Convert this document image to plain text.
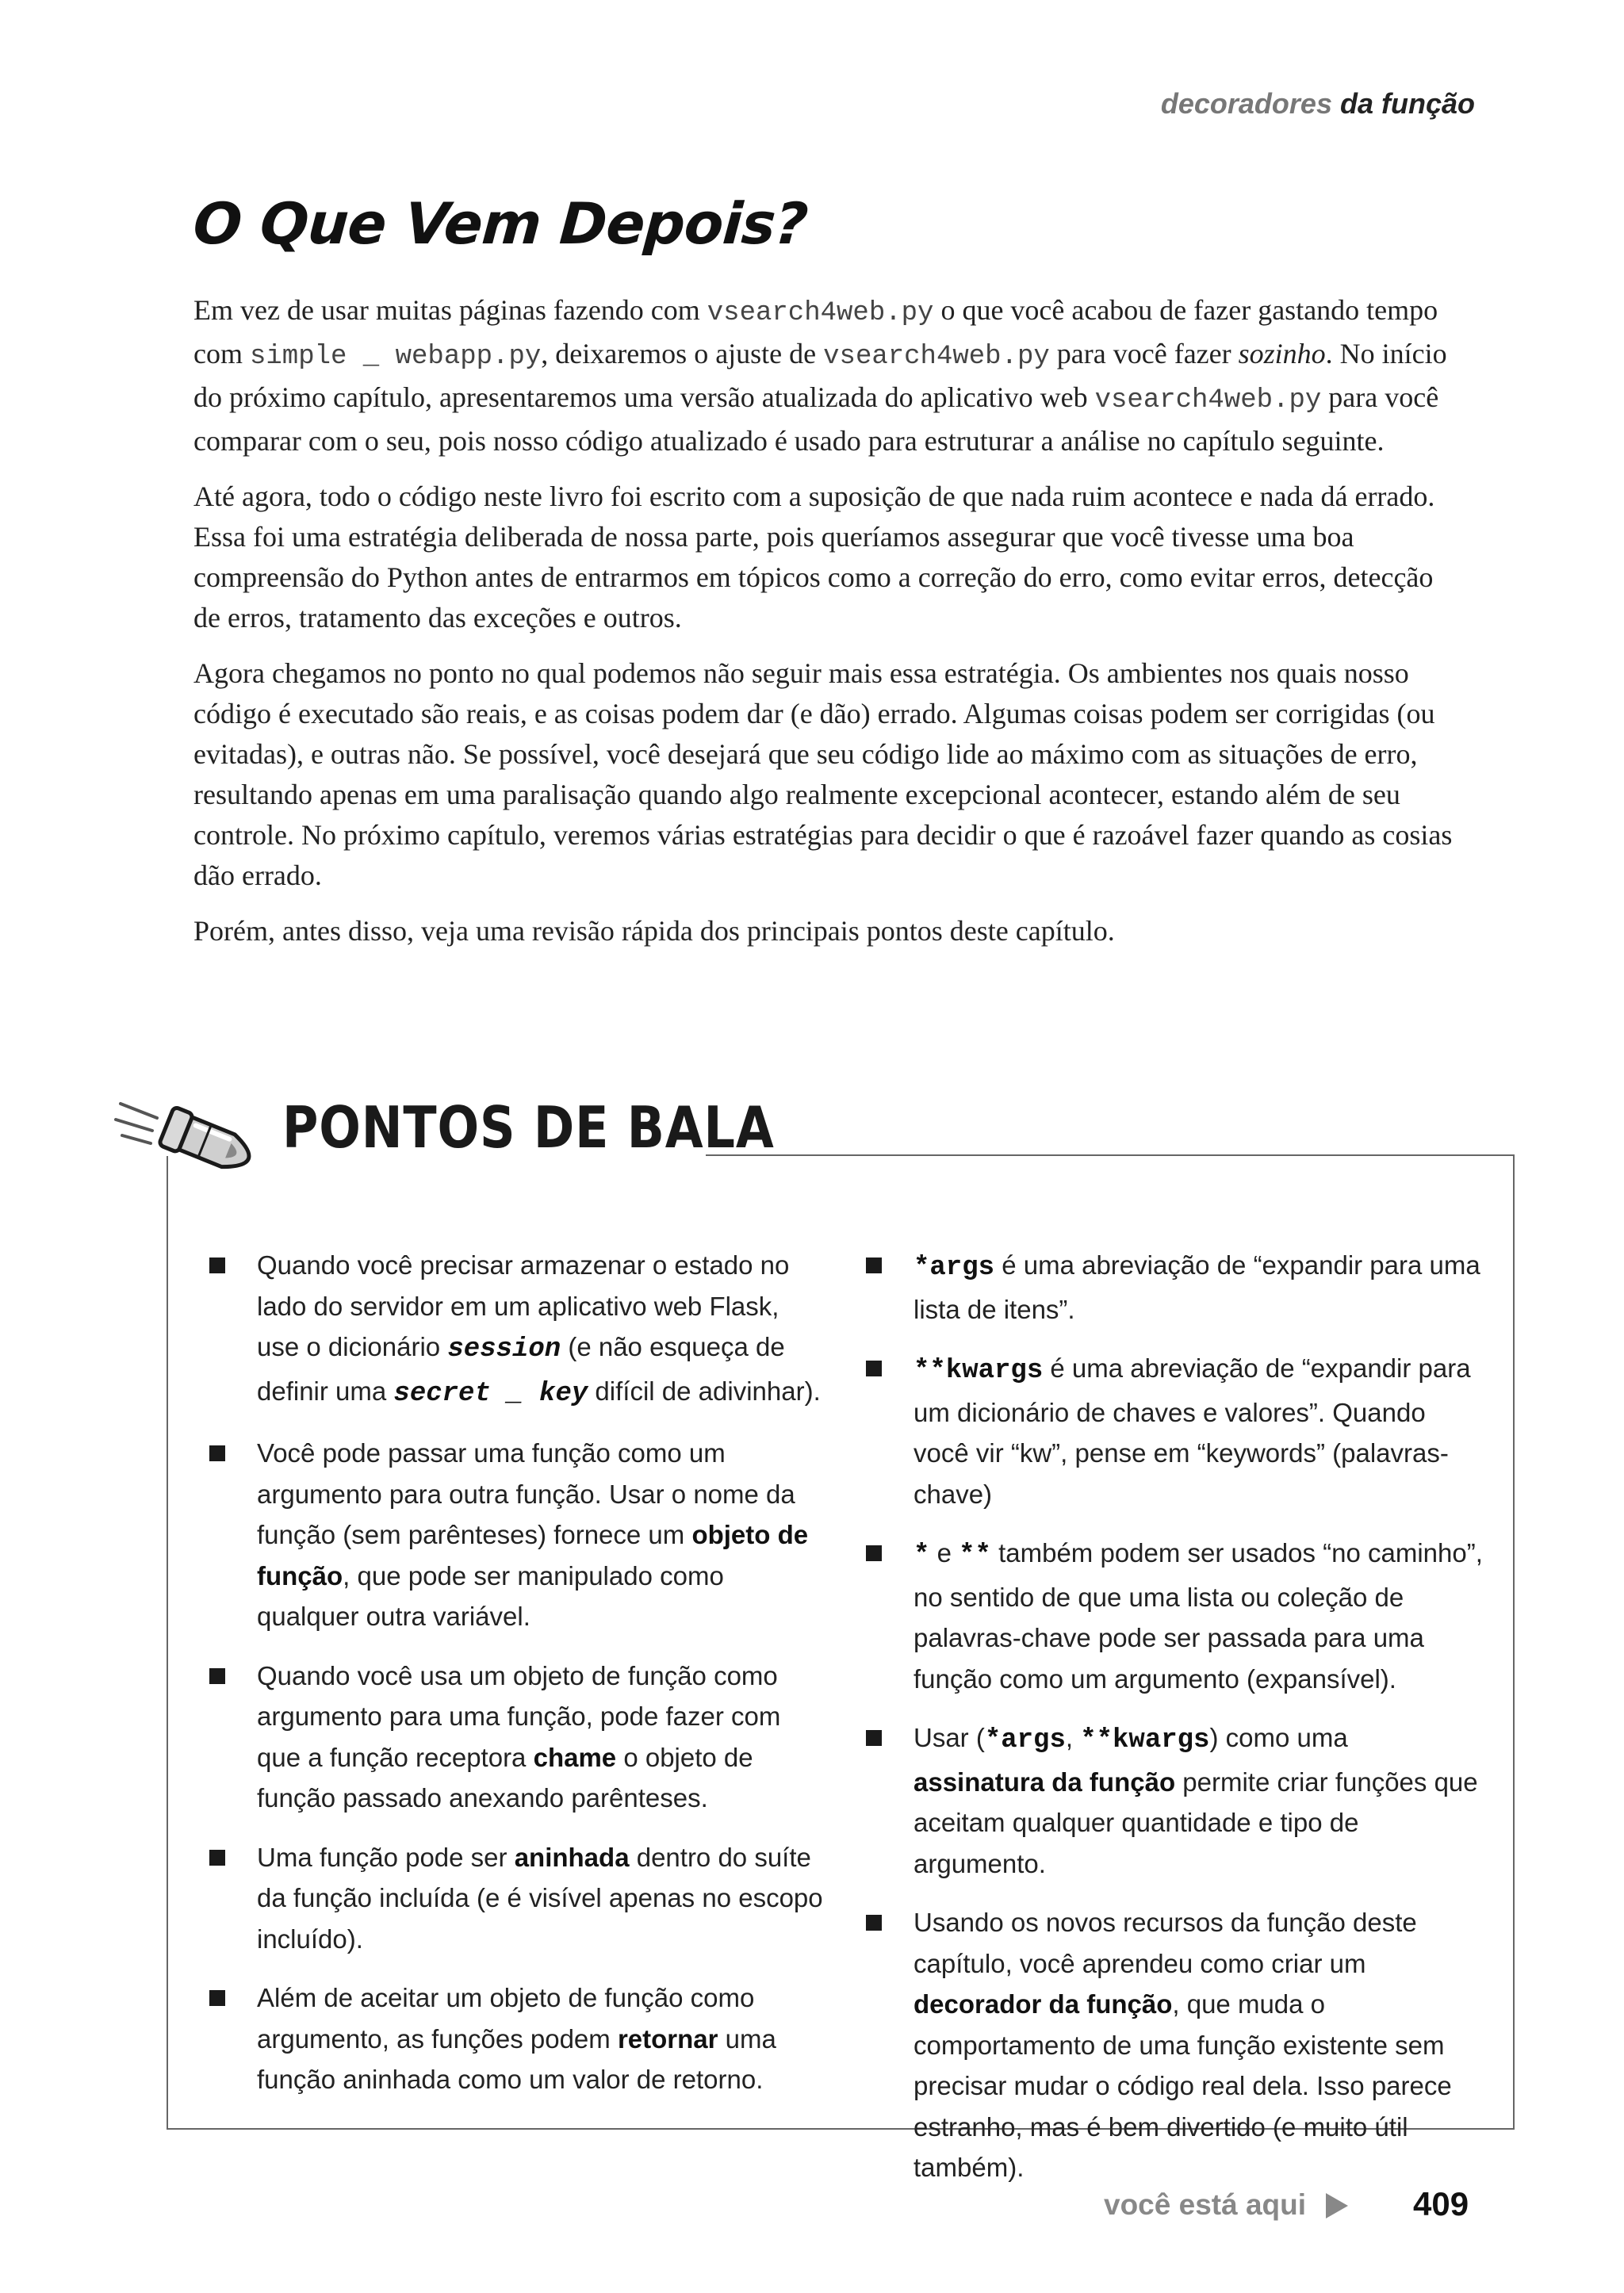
decoradores da função
O Que Vem Depois?

Em vez de usar muitas páginas fazendo com vsearch4web.py o que você acabou de fazer gastando tempo com simple _ webapp.py, deixaremos o ajuste de vsearch4web.py para você fazer sozinho. No início do próximo capítulo, apresentaremos uma versão atualizada do aplicativo web vsearch4web.py para você comparar com o seu, pois nosso código atualizado é usado para estruturar a análise no capítulo seguinte.

Até agora, todo o código neste livro foi escrito com a suposição de que nada ruim acontece e nada dá errado. Essa foi uma estratégia deliberada de nossa parte, pois queríamos assegurar que você tivesse uma boa compreensão do Python antes de entrarmos em tópicos como a correção do erro, como evitar erros, detecção de erros, tratamento das exceções e outros.

Agora chegamos no ponto no qual podemos não seguir mais essa estratégia. Os ambientes nos quais nosso código é executado são reais, e as coisas podem dar (e dão) errado. Algumas coisas podem ser corrigidas (ou evitadas), e outras não. Se possível, você desejará que seu código lide ao máximo com as situações de erro, resultando apenas em uma paralisação quando algo realmente excepcional acontecer, estando além de seu controle. No próximo capítulo, veremos várias estratégias para decidir o que é razoável fazer quando as cosias dão errado.

Porém, antes disso, veja uma revisão rápida dos principais pontos deste capítulo.

PONTOS DE BALA
Quando você precisar armazenar o estado no lado do servidor em um aplicativo web Flask, use o dicionário session (e não esqueça de definir uma secret _ key difícil de adivinhar).
Você pode passar uma função como um argumento para outra função. Usar o nome da função (sem parênteses) fornece um objeto de função, que pode ser manipulado como qualquer outra variável.
Quando você usa um objeto de função como argumento para uma função, pode fazer com que a função receptora chame o objeto de função passado anexando parênteses.
Uma função pode ser aninhada dentro do suíte da função incluída (e é visível apenas no escopo incluído).
Além de aceitar um objeto de função como argumento, as funções podem retornar uma função aninhada como um valor de retorno.
*args é uma abreviação de “expandir para uma lista de itens”.
**kwargs é uma abreviação de “expandir para um dicionário de chaves e valores”. Quando você vir “kw”, pense em “keywords” (palavras-chave)
* e ** também podem ser usados “no caminho”, no sentido de que uma lista ou coleção de palavras-chave pode ser passada para uma função como um argumento (expansível).
Usar (*args, **kwargs) como uma assinatura da função permite criar funções que aceitam qualquer quantidade e tipo de argumento.
Usando os novos recursos da função deste capítulo, você aprendeu como criar um decorador da função, que muda o comportamento de uma função existente sem precisar mudar o código real dela. Isso parece estranho, mas é bem divertido (e muito útil também).
você está aqui	409
